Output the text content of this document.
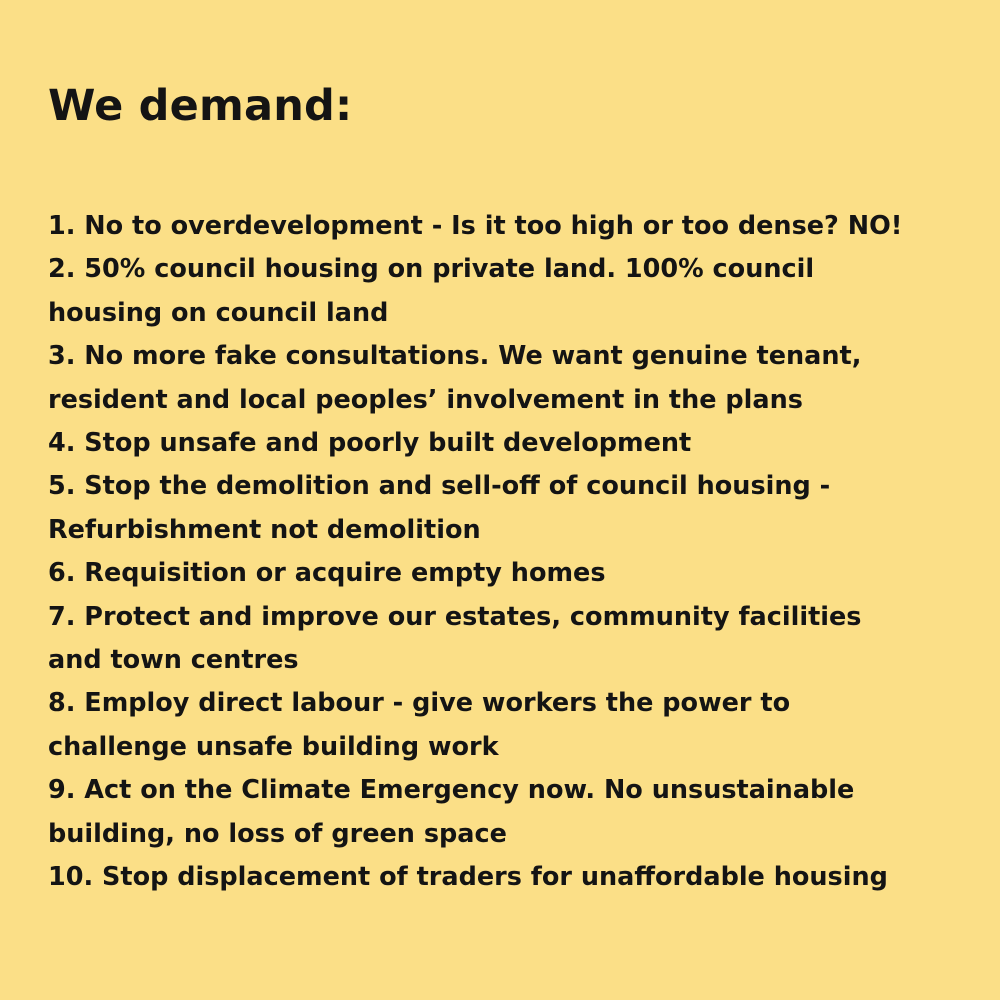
We demand:
1. No to overdevelopment - Is it too high or too dense? NO!
2. 50% council housing on private land. 100% council
housing on council land
3. No more fake consultations. We want genuine tenant,
resident and local peoples’ involvement in the plans
4. Stop unsafe and poorly built development
5. Stop the demolition and sell-off of council housing -
Refurbishment not demolition
6. Requisition or acquire empty homes
7. Protect and improve our estates, community facilities
and town centres
8. Employ direct labour - give workers the power to
challenge unsafe building work
9. Act on the Climate Emergency now. No unsustainable
building, no loss of green space
10. Stop displacement of traders for unaffordable housing
